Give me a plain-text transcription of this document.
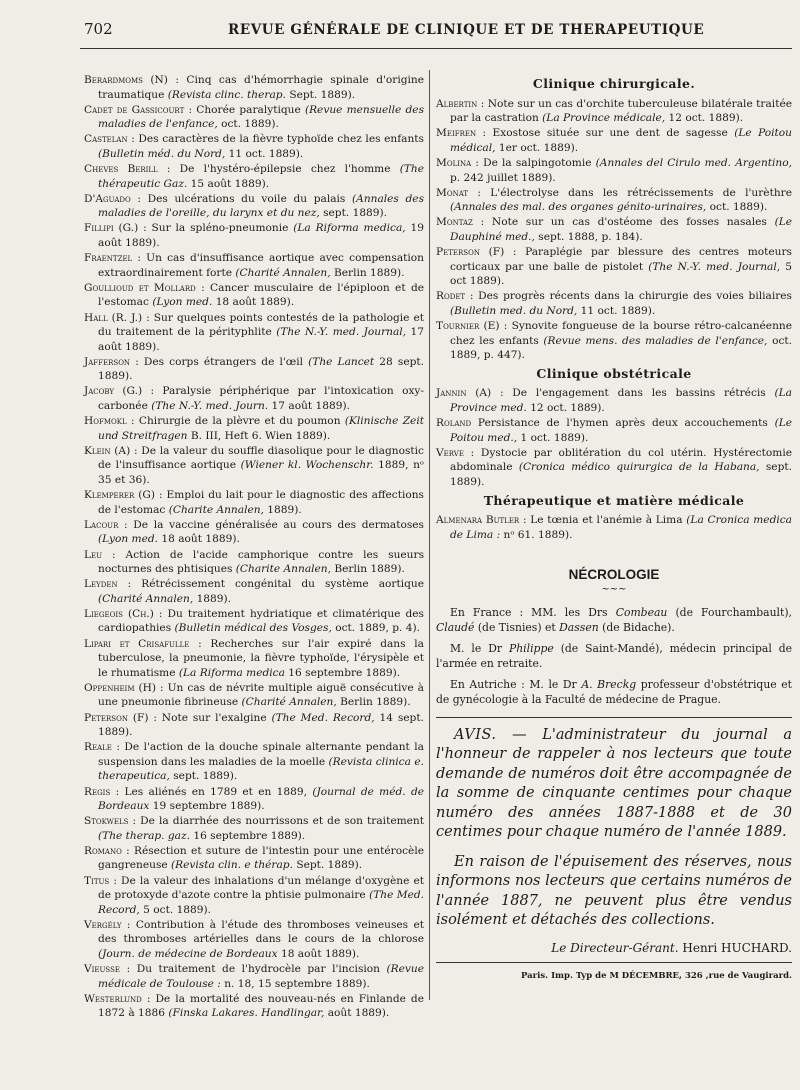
702	REVUE GÉNÉRALE DE CLINIQUE ET DE THERAPEUTIQUE

Berardmoms (N) : Cinq cas d'hémorrhagie spinale d'origine traumatique (Revista clinc. therap. Sept. 1889).

Cadet de Gassicourt : Chorée paralytique (Revue mensuelle des maladies de l'enfance, oct. 1889).

Castelan : Des caractères de la fièvre typhoïde chez les enfants (Bulletin méd. du Nord, 11 oct. 1889).

Cheves Berill : De l'hystéro-épilepsie chez l'homme (The thérapeutic Gaz. 15 août 1889).

D'Aguado : Des ulcérations du voile du palais (Annales des maladies de l'oreille, du larynx et du nez, sept. 1889).

Fillipi (G.) : Sur la spléno-pneumonie (La Riforma medica, 19 août 1889).

Fraentzel : Un cas d'insuffisance aortique avec compensation extraordinairement forte (Charité Annalen, Berlin 1889).

Goullioud et Mollard : Cancer musculaire de l'épiploon et de l'estomac (Lyon med. 18 août 1889).

Hall (R. J.) : Sur quelques points contestés de la pathologie et du traitement de la pérityphlite (The N.-Y. med. Journal, 17 août 1889).

Jafferson : Des corps étrangers de l'œil (The Lancet 28 sept. 1889).

Jacoby (G.) : Paralysie périphérique par l'intoxication oxy-carbonée (The N.-Y. med. Journ. 17 août 1889).

Hofmokl : Chirurgie de la plèvre et du poumon (Klinische Zeit und Streitfragen B. III, Heft 6. Wien 1889).

Klein (A) : De la valeur du souffle diasolique pour le diagnostic de l'insuffisance aortique (Wiener kl. Wochenschr. 1889, nᵒ 35 et 36).

Klemperer (G) : Emploi du lait pour le diagnostic des affections de l'estomac (Charite Annalen, 1889).

Lacour : De la vaccine généralisée au cours des dermatoses (Lyon med. 18 août 1889).

Leu : Action de l'acide camphorique contre les sueurs nocturnes des phtisiques (Charite Annalen, Berlin 1889).

Leyden : Rétrécissement congénital du système aortique (Charité Annalen, 1889).

Liegeois (Ch.) : Du traitement hydriatique et climatérique des cardiopathies (Bulletin médical des Vosges, oct. 1889, p. 4).

Lipari et Crisafulle : Recherches sur l'air expiré dans la tuberculose, la pneumonie, la fièvre typhoïde, l'érysipèle et le rhumatisme (La Riforma medica 16 septembre 1889).

Oppenheim (H) : Un cas de névrite multiple aiguë consécutive à une pneumonie fibrineuse (Charité Annalen, Berlin 1889).

Peterson (F) : Note sur l'exalgine (The Med. Record, 14 sept. 1889).

Reale : De l'action de la douche spinale alternante pendant la suspension dans les maladies de la moelle (Revista clinica e. therapeutica, sept. 1889).

Regis : Les aliénés en 1789 et en 1889, (Journal de méd. de Bordeaux 19 septembre 1889).

Stokwels : De la diarrhée des nourrissons et de son traitement (The therap. gaz. 16 septembre 1889).

Romano : Résection et suture de l'intestin pour une entérocèle gangreneuse (Revista clin. e thérap. Sept. 1889).

Titus : De la valeur des inhalations d'un mélange d'oxygène et de protoxyde d'azote contre la phtisie pulmonaire (The Med. Record, 5 oct. 1889).

Vergély : Contribution à l'étude des thromboses veineuses et des thromboses artérielles dans le cours de la chlorose (Journ. de médecine de Bordeaux 18 août 1889).

Vieusse : Du traitement de l'hydrocèle par l'incision (Revue médicale de Toulouse : n. 18, 15 septembre 1889).

Westerlund : De la mortalité des nouveau-nés en Finlande de 1872 à 1886 (Finska Lakares. Handlingar, août 1889).

Clinique chirurgicale.

Albertin : Note sur un cas d'orchite tuberculeuse bilatérale traitée par la castration (La Province médicale, 12 oct. 1889).

Meifren : Exostose située sur une dent de sagesse (Le Poitou médical, 1er oct. 1889).

Molina : De la salpingotomie (Annales del Cirulo med. Argentino, p. 242 juillet 1889).

Monat : L'électrolyse dans les rétrécissements de l'urèthre (Annales des mal. des organes génito-urinaires, oct. 1889).

Montaz : Note sur un cas d'ostéome des fosses nasales (Le Dauphiné med., sept. 1888, p. 184).

Peterson (F) : Paraplégie par blessure des centres moteurs corticaux par une balle de pistolet (The N.-Y. med. Journal, 5 oct 1889).

Rodet : Des progrès récents dans la chirurgie des voies biliaires (Bulletin med. du Nord, 11 oct. 1889).

Tournier (E) : Synovite fongueuse de la bourse rétro-calcanéenne chez les enfants (Revue mens. des maladies de l'enfance, oct. 1889, p. 447).

Clinique obstétricale

Jannin (A) : De l'engagement dans les bassins rétrécis (La Province med. 12 oct. 1889).

Roland Persistance de l'hymen après deux accouchements (Le Poitou med., 1 oct. 1889).

Verve : Dystocie par oblitération du col utérin. Hystérectomie abdominale (Cronica médico quirurgica de la Habana, sept. 1889).

Thérapeutique et matière médicale

Almenara Butler : Le tœnia et l'anémie à Lima (La Cronica medica de Lima : nᵒ 61. 1889).

NÉCROLOGIE
~~~

En France : MM. les Drs Combeau (de Fourchambault), Claudé (de Tisnies) et Dassen (de Bidache).

M. le Dr Philippe (de Saint-Mandé), médecin principal de l'armée en retraite.

En Autriche : M. le Dr A. Breckg professeur d'obstétrique et de gynécologie à la Faculté de médecine de Prague.

AVIS. — L'administrateur du journal a l'honneur de rappeler à nos lecteurs que toute demande de numéros doit être accompagnée de la somme de cinquante centimes pour chaque numéro des années 1887-1888 et de 30 centimes pour chaque numéro de l'année 1889.

En raison de l'épuisement des réserves, nous informons nos lecteurs que certains numéros de l'année 1887, ne peuvent plus être vendus isolément et détachés des collections.

Le Directeur-Gérant. Henri HUCHARD.
Paris. Imp. Typ de M DÉCEMBRE, 326 ,rue de Vaugirard.
